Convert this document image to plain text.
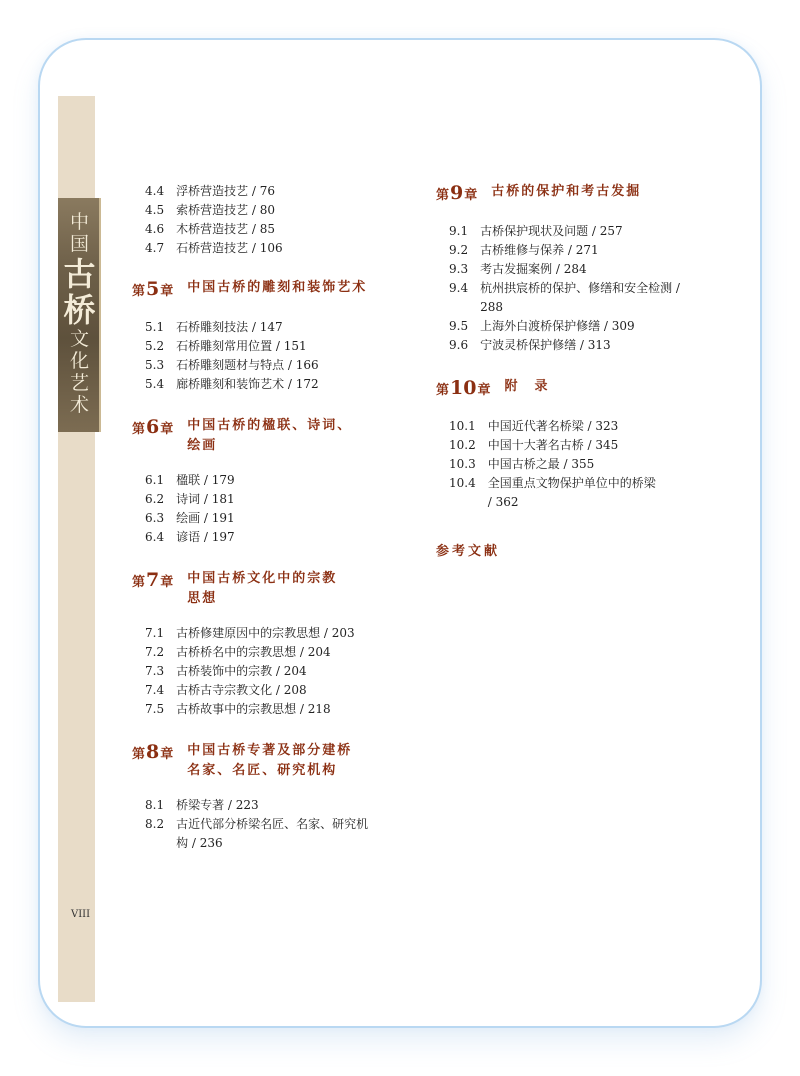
中
国
古
桥
文
化
艺
术
VIII
4.4	浮桥营造技艺 / 76
4.5	索桥营造技艺 / 80
4.6	木桥营造技艺 / 85
4.7	石桥营造技艺 / 106
第5章 中国古桥的雕刻和装饰艺术
5.1	石桥雕刻技法 / 147
5.2	石桥雕刻常用位置 / 151
5.3	石桥雕刻题材与特点 / 166
5.4	廊桥雕刻和装饰艺术 / 172
第6章 中国古桥的楹联、诗词、
绘画
6.1	楹联 / 179
6.2	诗词 / 181
6.3	绘画 / 191
6.4	谚语 / 197
第7章 中国古桥文化中的宗教
思想
7.1	古桥修建原因中的宗教思想 / 203
7.2	古桥桥名中的宗教思想 / 204
7.3	古桥装饰中的宗教 / 204
7.4	古桥古寺宗教文化 / 208
7.5	古桥故事中的宗教思想 / 218
第8章 中国古桥专著及部分建桥
名家、名匠、研究机构
8.1	桥梁专著 / 223
8.2	古近代部分桥梁名匠、名家、研究机构 / 236
第9章 古桥的保护和考古发掘
9.1	古桥保护现状及问题 / 257
9.2	古桥维修与保养 / 271
9.3	考古发掘案例 / 284
9.4	杭州拱宸桥的保护、修缮和安全检测 / 288
9.5	上海外白渡桥保护修缮 / 309
9.6	宁波灵桥保护修缮 / 313
第10章 附　录
10.1	中国近代著名桥梁 / 323
10.2	中国十大著名古桥 / 345
10.3	中国古桥之最 / 355
10.4	全国重点文物保护单位中的桥梁 / 362
参考文献
